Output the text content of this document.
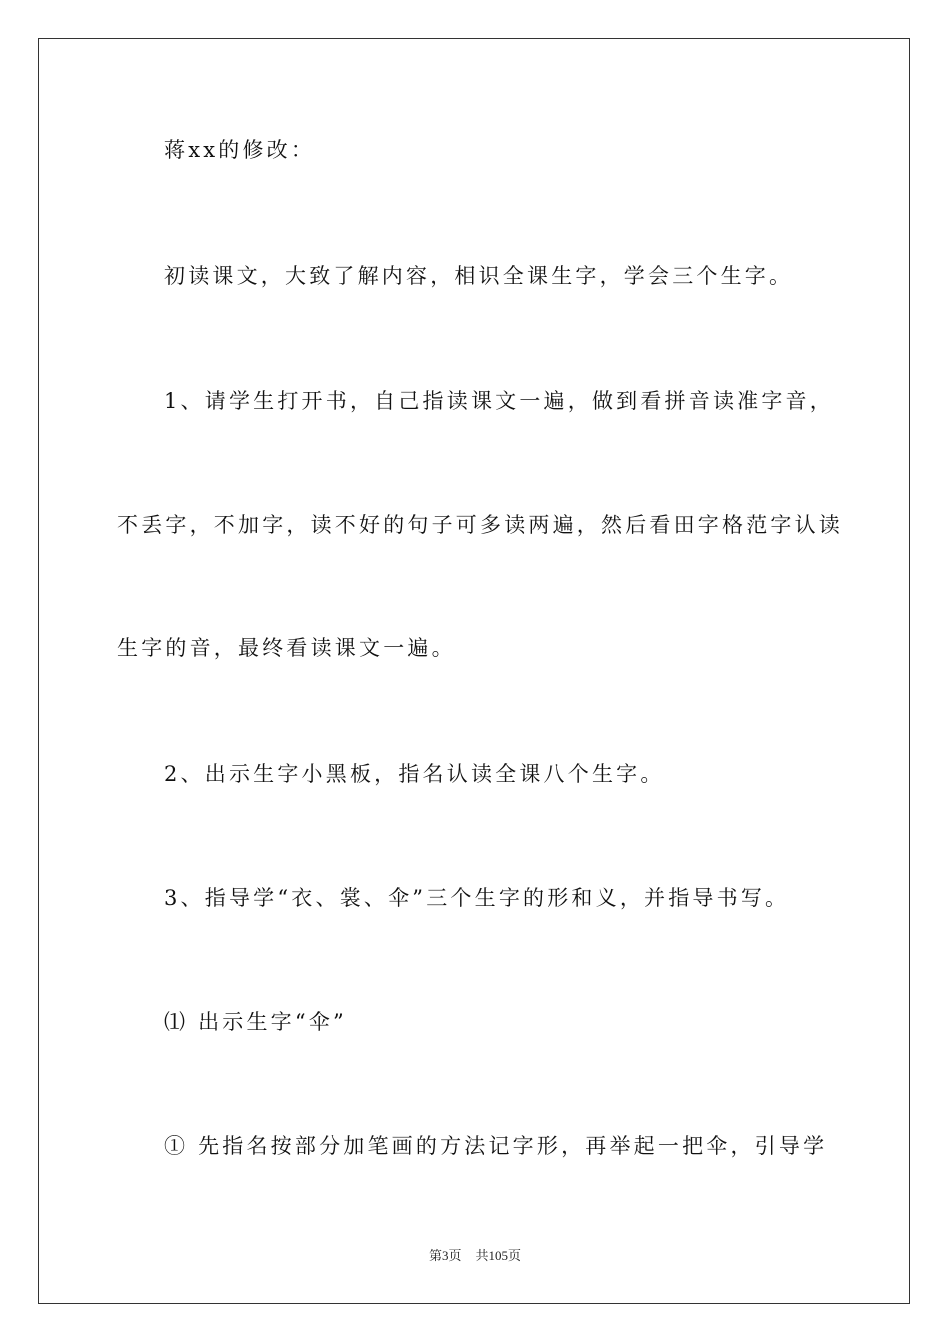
蒋xx的修改：
初读课文，大致了解内容，相识全课生字，学会三个生字。
1、请学生打开书，自己指读课文一遍，做到看拼音读准字音，
不丢字，不加字，读不好的句子可多读两遍，然后看田字格范字认读
生字的音，最终看读课文一遍。
2、出示生字小黑板，指名认读全课八个生字。
3、指导学“衣、裳、伞”三个生字的形和义，并指导书写。
⑴ 出示生字“伞”
① 先指名按部分加笔画的方法记字形，再举起一把伞，引导学
第3页 共105页
